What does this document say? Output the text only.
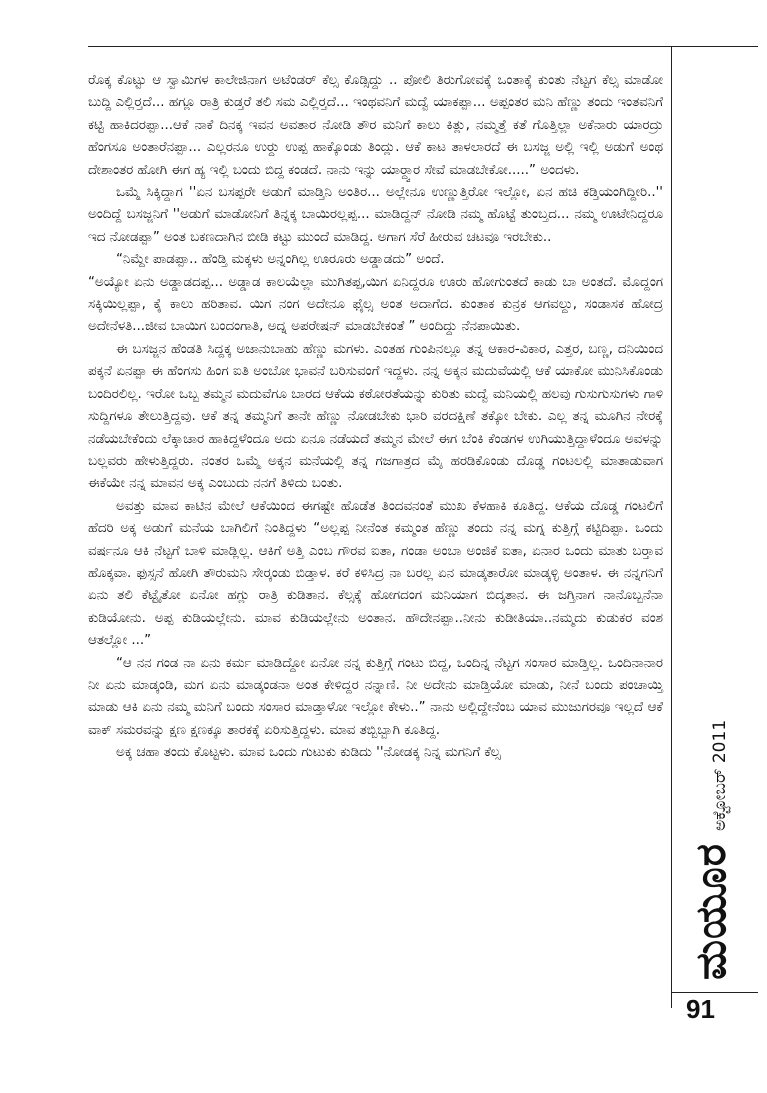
ರೊಕ್ಕ ಕೊಟ್ಟು ಆ ಸ್ವಾಮಿಗಳ ಕಾಲೇಜಿನಾಗ ಅಟೆಂಡರ್ ಕೆಲ್ಸ ಕೊಡ್ಸಿದ್ದು .. ಪೋಲಿ ತಿರುಗೋವಕ್ಕೆ ಒಂತಾಕ್ಕೆ ಕುಂತು ನೆಟ್ಟಗ ಕೆಲ್ಸ ಮಾಡೋ ಬುದ್ದಿ ಎಲ್ಲಿರ್‍ತದೆ... ಹಗ್ಲೂ ರಾತ್ರಿ ಕುಡ್ತರೆ ತಲಿ ಸಮ ಎಲ್ಲಿರ್‍ತದೆ... ಇಂಥವನಿಗೆ ಮದ್ವೆ ಯಾಕಪ್ಪಾ... ಅಪ್ಪಂತರ ಮನಿ ಹೆಣ್ಣು ತಂದು ಇಂತವನಿಗೆ ಕಟ್ಟಿ ಹಾಕಿದರಪ್ಪಾ...ಆಕೆ ನಾಕೆ ದಿನಕ್ಕ ಇವನ ಅವತಾರ ನೋಡಿ ತೌರ ಮನಿಗೆ ಕಾಲು ಕಿತ್ಲು, ನಮ್ಮತ್ತೆ ಕತೆ ಗೊತ್ತಿಲ್ಲಾ ಅಕೆನಾರು ಯಾರದ್ರು ಹೆಂಗಸೂ ಅಂತಾರೆನಪ್ಪಾ... ಎಲ್ಲರನೂ ಉರ್‍ದು ಉಪ್ಪ ಹಾಕ್ಕೊಂಡು ತಿಂದ್ಲು. ಆಕೆ ಕಾಟ ತಾಳಲಾರದೆ ಈ ಬಸಜ್ಜ ಅಲ್ಲಿ ಇಲ್ಲಿ ಅಡುಗೆ ಅಂಥ ದೇಶಾಂತರ ಹೋಗಿ ಈಗ ಹ್ಯ ಇಲ್ಲಿ ಬಂದು ಬಿದ್ದ ಕಂಡದೆ. ನಾನು ಇನ್ನು ಯಾರ್‍ದ್ವಾರ ಸೇವೆ ಮಾಡಬೇಕೋ.....” ಅಂದಳು.

ಒಮ್ಮೆ ಸಿಕ್ಕಿದ್ದಾಗ ''ಏನ ಬಸಪ್ಪರೇ ಅಡುಗೆ ಮಾಡ್ತಿನಿ ಅಂತಿರ... ಅಲ್ಲೇನೂ ಉಣ್ಣುತ್ತಿರೋ ಇಲ್ಲೋ, ಏನ ಹಚಿ ಕಡ್ತಿಯಂಗಿದ್ದೀರಿ..'' ಅಂದಿದ್ದೆ ಬಸಜ್ಜನಿಗೆ ''ಅಡುಗೆ ಮಾಡೋನಿಗೆ ತಿನ್ನಕ್ಕ ಬಾಯಿರಲ್ಲಪ್ಪ... ಮಾಡಿದ್ದನ್ ನೋಡಿ ನಮ್ಮ ಹೊಟ್ಟೆ ತುಂಬ್ತದ... ನಮ್ಮ ಊಟೇನಿದ್ದರೂ ಇದ ನೋಡಪ್ಪಾ” ಅಂತ ಬಕಣದಾಗಿನ ಬೀಡಿ ಕಟ್ಟು ಮುಂದೆ ಮಾಡಿದ್ದ. ಅಗಾಗ ಸೆರೆ ಹೀರುವ ಚಟವೂ ಇರಬೇಕು..

“ನಿಮ್ದೇ ಪಾಡಪ್ಪಾ.. ಹೆಂಡ್ತಿ ಮಕ್ಕಳು ಅನ್ನಂಗಿಲ್ಲ ಊರೂರು ಅಡ್ಡಾಡದು” ಅಂದೆ.

“ಅಯ್ಯೋ ಏನು ಅಡ್ಡಾಡದಪ್ಪ... ಅಡ್ಡಾಡ ಕಾಲಯೆಲ್ಲಾ ಮುಗಿತಪ್ಪ,ಯಿಗ ಏನಿದ್ದರೂ ಊರು ಹೋಗುಂತದೆ ಕಾಡು ಬಾ ಅಂತದೆ. ಮೊದ್ದಂಗ ಸಕ್ಕಿಯಿಲ್ಲಪ್ಪಾ, ಕೈ ಕಾಲು ಹರಿತಾವ. ಯಿಗ ನಂಗ ಅದೇನೂ ಫೈಲ್ಸ ಅಂತ ಅದಾಗೆದ. ಕುಂತಾಕ ಕುನ್ರಕ ಆಗವಲ್ದು, ಸಂಡಾಸಕ ಹೋದ್ರ ಅದೇನೆಳತಿ...ಜೀವ ಬಾಯಿಗ ಬಂದಂಗಾತಿ, ಅದ್ನ ಅಪರೇಷನ್ ಮಾಡಬೇಕಂತೆ ” ಅಂದಿದ್ದು ನೆನಪಾಯಿತು.

ಈ ಬಸಜ್ಜನ ಹೆಂಡತಿ ಸಿದ್ದಕ್ಕ ಅಜಾನುಬಾಹು ಹೆಣ್ಣು ಮಗಳು. ಎಂತಹ ಗುಂಪಿನಲ್ಲೂ ತನ್ನ ಆಕಾರ-ವಿಕಾರ, ಎತ್ತರ, ಬಣ್ಣ, ದನಿಯಿಂದ ಪಕ್ಕನೆ ಏನಪ್ಪಾ ಈ ಹೆಂಗಸು ಹಿಂಗ ಐತಿ ಅಂಬೋ ಭಾವನೆ ಬರಿಸುವಂಗೆ ಇದ್ದಳು. ನನ್ನ ಅಕ್ಕನ ಮದುವೆಯಲ್ಲಿ ಆಕೆ ಯಾಕೋ ಮುನಿಸಿಕೊಂಡು ಬಂದಿರಲಿಲ್ಲ. ಇರೋ ಒಬ್ಬ ತಮ್ಮನ ಮದುವೆಗೂ ಬಾರದ ಆಕೆಯ ಕಠೋರತೆಯನ್ನು ಕುರಿತು ಮದ್ವೆ ಮನಿಯಲ್ಲಿ ಹಲವು ಗುಸುಗುಸುಗಳು ಗಾಳಿ ಸುದ್ದಿಗಳೂ ತೇಲುತ್ತಿದ್ದವು. ಆಕೆ ತನ್ನ ತಮ್ಮನಿಗೆ ತಾನೇ ಹೆಣ್ಣು ನೋಡಬೇಕು ಭಾರಿ ವರದಕ್ಷಿಣೆ ತಕ್ಕೋ ಬೇಕು. ಎಲ್ಲ ತನ್ನ ಮೂಗಿನ ನೇರಕ್ಕೆ ನಡೆಯಬೇಕೆಂದು ಲೆಕ್ಕಾಚಾರ ಹಾಕಿದ್ದಳೆಂದೂ ಅದು ಏನೂ ನಡೆಯದೆ ತಮ್ಮನ ಮೇಲೆ ಈಗ ಬೆಂಕಿ ಕೆಂಡಗಳ ಉಗಿಯುತ್ತಿದ್ದಾಳೆಂದೂ ಅವಳನ್ನು ಬಲ್ಲವರು ಹೇಳುತ್ತಿದ್ದರು. ನಂತರ ಒಮ್ಮೆ ಅಕ್ಕನ ಮನೆಯಲ್ಲಿ ತನ್ನ ಗಜಗಾತ್ರದ ಮೈ ಹರಡಿಕೊಂಡು ದೊಡ್ಡ ಗಂಟಲಲ್ಲಿ ಮಾತಾಡುವಾಗ ಈಕೆಯೇ ನನ್ನ ಮಾವನ ಅಕ್ಕ ಎಂಬುದು ನನಗೆ ತಿಳಿದು ಬಂತು.

ಅವತ್ತು ಮಾವ ಕಾಟಿನ ಮೇಲೆ ಆಕೆಯಿಂದ ಈಗಷ್ಟೇ ಹೊಡೆತ ತಿಂದವನಂತೆ ಮುಖ ಕೆಳಹಾಕಿ ಕೂತಿದ್ದ. ಆಕೆಯ ದೊಡ್ಡ ಗಂಟಲಿಗೆ ಹೆದರಿ ಅಕ್ಕ ಅಡುಗೆ ಮನೆಯ ಬಾಗಿಲಿಗೆ ನಿಂತಿದ್ದಳು “ಅಲ್ಲಪ್ಪ ನೀನೆಂತ ಕಮ್ಮಂತ ಹೆಣ್ಣು ತಂದು ನನ್ನ ಮಗ್ನ ಕುತ್ತಿಗ್ಗೆ ಕಟ್ಟಿದಿಪ್ಪಾ. ಒಂದು ವರ್ಷನೂ ಆಕಿ ನೆಟ್ಟಗೆ ಬಾಳಿ ಮಾಡ್ಲಿಲ್ಲ. ಆಕಿಗೆ ಅತ್ತಿ ಎಂಬ ಗೌರವ ಐತಾ, ಗಂಡಾ ಅಂಬಾ ಅಂಜಿಕೆ ಐತಾ, ಏನಾರ ಒಂದು ಮಾತು ಬರ್‍ತಾವ ಹೊಕ್ಕವಾ. ಫುಸ್ಸನೆ ಹೋಗಿ ತೌರುಮನಿ ಸೇರ್‍ಕಂಡು ಬಿಡ್ತಾಳ. ಕರೆ ಕಳಿಸಿದ್ರ ನಾ ಬರಲ್ಲ ಏನ ಮಾಡ್ಕತಾರೋ ಮಾಡ್ಕಳ್ಳಿ ಅಂತಾಳ. ಈ ನನ್ನಗನಿಗೆ ಏನು ತಲಿ ಕೆಟ್ಟೈತೋ ಏನೋ ಹಗ್ಲು ರಾತ್ರಿ ಕುಡಿತಾನ. ಕೆಲ್ಸಕ್ಕೆ ಹೋಗದಂಗ ಮನಿಯಾಗ ಬಿದ್ಕತಾನ. ಈ ಜಗ್ತಿನಾಗ ನಾನೊಬ್ಬನೆನಾ ಕುಡಿಯೋನು. ಅಪ್ಪ ಕುಡಿಯಲ್ಲೇನು. ಮಾವ ಕುಡಿಯಲ್ಲೇನು ಅಂತಾನ. ಹೌದೇನಪ್ಪಾ..ನೀನು ಕುಡೀತಿಯಾ..ನಮ್ಮದು ಕುಡುಕರ ವಂಶ ಆತಲ್ಲೋ ...”

“ಆ ನನ ಗಂಡ ನಾ ಏನು ಕರ್ಮ ಮಾಡಿದ್ದೋ ಏನೋ ನನ್ನ ಕುತ್ತಿಗ್ಗೆ ಗಂಟು ಬಿದ್ದ, ಒಂದಿನ್ನ ನೆಟ್ಟಗ ಸಂಸಾರ ಮಾಡ್ತಿಲ್ಲ. ಒಂದಿನಾನಾರ ನೀ ಏನು ಮಾಡ್ಕಂಡಿ, ಮಗ ಏನು ಮಾಡ್ಕಂಡನಾ ಅಂತ ಕೇಳಿದ್ದರ ನನ್ನಾಣಿ. ನೀ ಅದೇನು ಮಾಡ್ತಿಯೋ ಮಾಡು, ನೀನೆ ಬಂದು ಪಂಚಾಯ್ತಿ ಮಾಡು ಆಕಿ ಏನು ನಮ್ಮ ಮನಿಗೆ ಬಂದು ಸಂಸಾರ ಮಾಡ್ತಾಳೋ ಇಲ್ಲೋ ಕೇಳು..” ನಾನು ಅಲ್ಲಿದ್ದೇನೆಂಬ ಯಾವ ಮುಜುಗರವೂ ಇಲ್ಲದೆ ಆಕೆ ವಾಕ್ ಸಮರವನ್ನು ಕ್ಷಣ ಕ್ಷಣಕ್ಕೂ ತಾರಕಕ್ಕೆ ಏರಿಸುತ್ತಿದ್ದಳು. ಮಾವ ತಬ್ಬಿಬ್ಬಾಗಿ ಕೂತಿದ್ದ.

ಅಕ್ಕ ಚಹಾ ತಂದು ಕೊಟ್ಟಳು. ಮಾವ ಒಂದು ಗುಟುಕು ಕುಡಿದು ''ನೋಡಕ್ಕ ನಿನ್ನ ಮಗನಿಗೆ ಕೆಲ್ಸ

ಮಯೂರ
ಅಕ್ಟೋಬರ್ 2011
91
